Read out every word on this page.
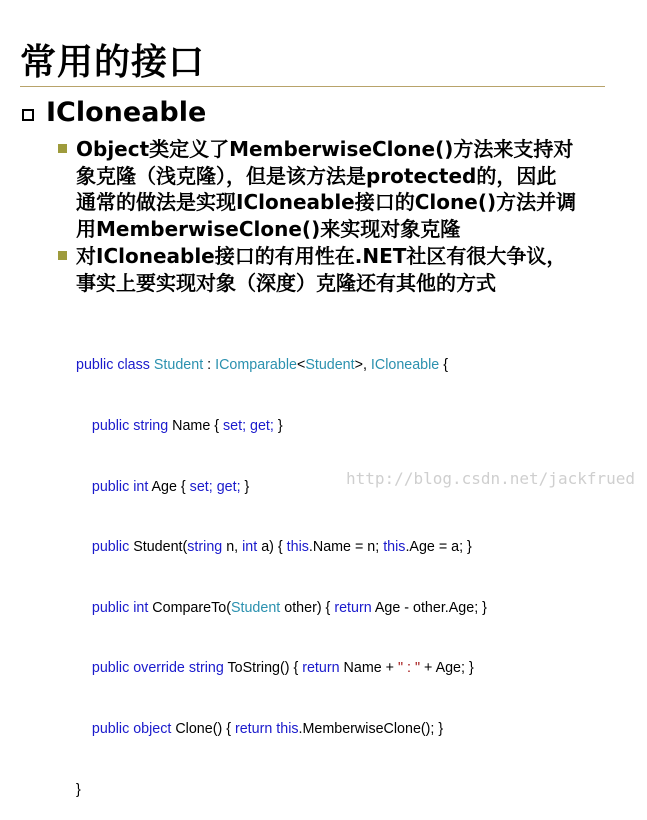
常用的接口
ICloneable
Object类定义了MemberwiseClone()方法来支持对
象克隆（浅克隆），但是该方法是protected的，因此
通常的做法是实现ICloneable接口的Clone()方法并调
用MemberwiseClone()来实现对象克隆
对ICloneable接口的有用性在.NET社区有很大争议，
事实上要实现对象（深度）克隆还有其他的方式

public class Student : IComparable<Student>, ICloneable {

public string Name { set; get; }

public int Age { set; get; }

public Student(string n, int a) { this.Name = n; this.Age = a; }

public int CompareTo(Student other) { return Age - other.Age; }

public override string ToString() { return Name + " : " + Age; }

public object Clone() { return this.MemberwiseClone(); }

}

http://blog.csdn.net/jackfrued
